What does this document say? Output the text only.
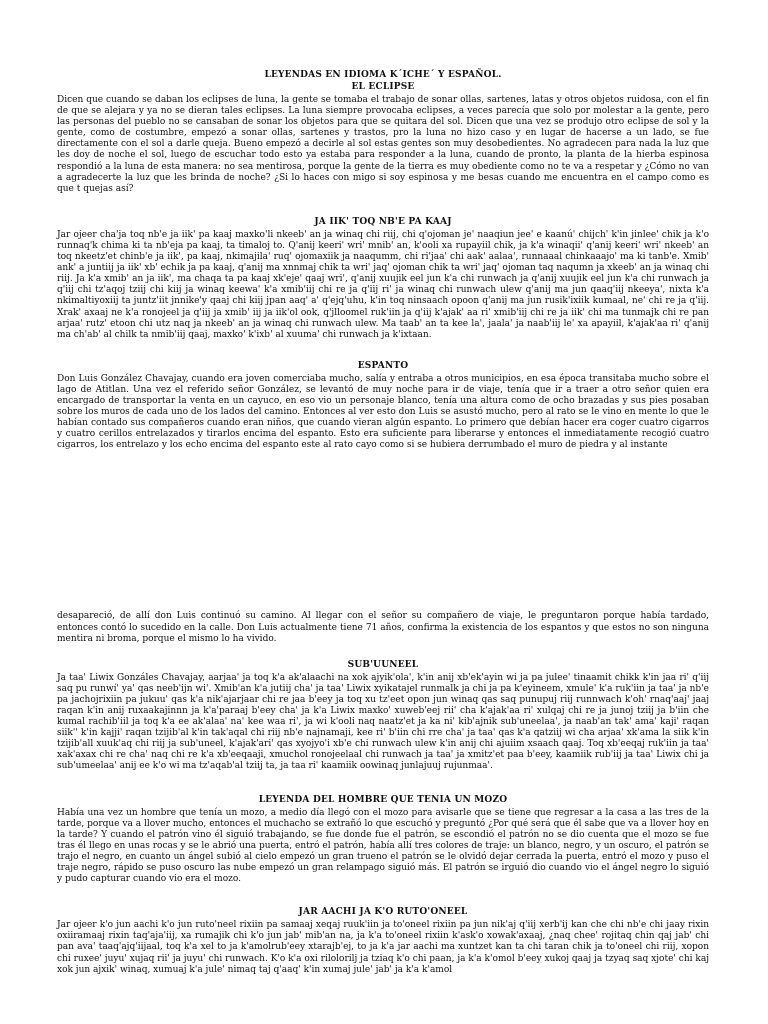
LEYENDAS EN IDIOMA K´ICHE´ Y ESPAÑOL.
EL ECLIPSE

Dicen que cuando se daban los eclipses de luna, la gente se tomaba el trabajo de sonar ollas, sartenes, latas y otros objetos ruidosa, con el fin de que se alejara y ya no se dieran tales eclipses. La luna siempre provocaba eclipses, a veces parecía que solo por molestar a la gente, pero las personas del pueblo no se cansaban de sonar los objetos para que se quitara del sol. Dicen que una vez se produjo otro eclipse de sol y la gente, como de costumbre, empezó a sonar ollas, sartenes y trastos, pro la luna no hizo caso y en lugar de hacerse a un lado, se fue directamente con el sol a darle queja. Bueno empezó a decirle al sol estas gentes son muy desobedientes. No agradecen para nada la luz que les doy de noche el sol, luego de escuchar todo esto ya estaba para responder a la luna, cuando de pronto, la planta de la hierba espinosa respondió a la luna de esta manera: no sea mentirosa, porque la gente de la tierra es muy obediente como no te va a respetar y ¿Cómo no van a agradecerte la luz que les brinda de noche? ¿Si lo haces con migo si soy espinosa y me besas cuando me encuentra en el campo como es que t quejas así?

JA IIK' TOQ NB'E PA KAAJ

Jar ojeer cha'ja toq nb'e ja iik' pa kaaj maxko'li nkeeb' an ja winaq chi riij, chi q'ojoman je' naaqiun jee' e kaanú' chijch' k'in jinlee' chik ja k'o runnaq'k chima ki ta nb'eja pa kaaj, ta timaloj to. Q'anij keeri' wri' mnib' an, k'ooli xa rupayiil chik, ja k'a winaqii' q'anij keeri' wri' nkeeb' an toq nkeetz'et chinb'e ja iik', pa kaaj, nkimajila' ruq' ojomaxiik ja naaqumm, chi ri'jaa' chi aak' aalaa', runnaaal chinkaaajo' ma ki tanb'e. Xmib' ank' a juntiij ja iik' xb' echik ja pa kaaj, q'anij ma xnnmaj chik ta wri' jaq' ojoman chik ta wri' jaq' ojoman taq naqumn ja xkeeb' an ja winaq chi riij. Ja k'a xmib' an ja iik', ma chaqa ta pa kaaj xk'eje' qaaj wri', q'anij xuujik eel jun k'a chi runwach ja q'anij xuujik eel jun k'a chi runwach ja q'iij chi tz'aqoj tziij chi kiij ja winaq keewa' k'a xmib'iij chi re ja q'iij ri' ja winaq chi runwach ulew q'anij ma jun qaaq'iij nkeeya', nixta k'a nkimaltiyoxiij ta juntz'iit jnnike'y qaaj chi kiij jpan aaq' a' q'ejq'uhu, k'in toq ninsaach opoon q'anij ma jun rusik'ixiik kumaal, ne' chi re ja q'iij. Xrak' axaaj ne k'a ronojeel ja q'iij ja xmib' iij ja iik'ol ook, q'jlloomel ruk'iin ja q'iij k'ajak' aa ri' xmib'iij chi re ja iik' chi ma tunmajk chi re pan arjaa' rutz' etoon chi utz naq ja nkeeb' an ja winaq chi runwach ulew. Ma taab' an ta kee la', jaala' ja naab'iij le' xa apayiil, k'ajak'aa ri' q'anij ma ch'ab' al chilk ta nmib'iij qaaj, maxko' k'ixb' al xuuma' chi runwach ja k'ixtaan.

ESPANTO

Don Luis González Chavajay, cuando era joven comerciaba mucho, salía y entraba a otros municipios, en esa época transitaba mucho sobre el lago de Atitlan. Una vez el referido señor González, se levantó de muy noche para ir de viaje, tenía que ir a traer a otro señor quien era encargado de transportar la venta en un cayuco, en eso vio un personaje blanco, tenía una altura como de ocho brazadas y sus pies posaban sobre los muros de cada uno de los lados del camino. Entonces al ver esto don Luis se asustó mucho, pero al rato se le vino en mente lo que le habían contado sus compañeros cuando eran niños, que cuando vieran algún espanto. Lo primero que debían hacer era coger cuatro cigarros y cuatro cerillos entrelazados y tirarlos encima del espanto. Esto era suficiente para liberarse y entonces el inmediatamente recogió cuatro cigarros, los entrelazo y los echo encima del espanto este al rato cayo como si se hubiera derrumbado el muro de piedra y al instante

desapareció, de allí don Luis continuó su camino. Al llegar con el señor su compañero de viaje, le preguntaron porque había tardado, entonces contó lo sucedido en la calle. Don Luis actualmente tiene 71 años, confirma la existencia de los espantos y que estos no son ninguna mentira ni broma, porque el mismo lo ha vivido.

SUB'UUNEEL

Ja taa' Liwix Gonzáles Chavajay, aarjaa' ja toq k'a ak'alaachi na xok ajyik'ola', k'in anij xb'ek'ayin wi ja pa julee' tinaamit chikk k'in jaa ri' q'iij saq pu runwí' ya' qas neeb'ijn wi'. Xmib'an k'a jutiij cha' ja taa' Liwix xyikatajel runmalk ja chi ja pa k'eyineem, xmule' k'a ruk'iin ja taa' ja nb'e pa jachojrixiin pa jukuu' qas k'a nik'ajarjaar chi re jaa b'eey ja toq xu tz'eet opon jun winaq qas saq punupuj riij runnwach k'oh' rnaq'aaj' jaaj raqan k'in anij ruxaakajinnn ja k'a'paraaj b'eey cha' ja k'a Liwix maxko' xuweb'eej rii' cha k'ajak'aa ri' xulqaj chi re ja junoj tziij ja b'iin che kumal rachib'iil ja toq k'a ee ak'alaa' na' kee waa ri', ja wi k'ooli naq naatz'et ja ka ni' kib'ajnik sub'uneelaa', ja naab'an tak' ama' kaji' raqan siik'' k'in kajji' raqan tzijib'al k'in tak'aqal chi riij nb'e najnamaji, kee ri' b'iin chi rre cha' ja taa' qas k'a qatziij wi cha arjaa' xk'ama la siik k'in tzijib'all xuuk'aq chi riij ja sub'uneel, k'ajak'ari' qas xyojyo'i xb'e chi runwach ulew k'in anij chi ajuiim xsaach qaaj. Toq xb'eeqaj ruk'iin ja taa' xak'axax chi re cha' naq chi re k'a xb'eeqaaji, xmuchol ronojeelaal chi runwach ja taa' ja xmitz'et paa b'eey, kaamiik rub'iij ja taa' Liwix chi ja sub'umeelaa' anij ee k'o wi ma tz'aqab'al tziij ta, ja taa ri' kaamiik oowinaq junlajuuj rujunmaa'.

LEYENDA DEL HOMBRE QUE TENIA UN MOZO

Había una vez un hombre que tenía un mozo, a medio día llegó con el mozo para avisarle que se tiene que regresar a la casa a las tres de la tarde, porque va a llover mucho, entonces el muchacho se extrañó lo que escuchó y preguntó ¿Por qué será que él sabe que va a llover hoy en la tarde? Y cuando el patrón vino él siguió trabajando, se fue donde fue el patrón, se escondió el patrón no se dio cuenta que el mozo se fue tras él llego en unas rocas y se le abrió una puerta, entró el patrón, había allí tres colores de traje: un blanco, negro, y un oscuro, el patrón se trajo el negro, en cuanto un ángel subió al cielo empezó un gran trueno el patrón se le olvidó dejar cerrada la puerta, entró el mozo y puso el traje negro, rápido se puso oscuro las nube empezó un gran relampago siguió más. El patrón se irguió dio cuando vio el ángel negro lo siguió y pudo capturar cuando vio era el mozo.

JAR AACHI JA K'O RUTO'ONEEL

Jar ojeer k'o jun aachi k'o jun ruto'neel rixiin pa samaaj xeqaj ruuk'iin ja to'oneel rixiin pa jun nik'aj q'iij xerb'ij kan che chi nb'e chi jaay rixin oxiiramaaj rixin taq'aja'iij, xa rumajik chi k'o jun jab' mib'an na, ja k'a to'oneel rixiin k'ask'o xowak'axaaj, ¿naq chee' rojitaq chin qaj jab' chi pan ava' taaq'ajq'iijaal, toq k'a xel to ja k'amolrub'eey xtarajb'ej, to ja k'a jar aachi ma xuntzet kan ta chi taran chik ja to'oneel chi riij, xopon chi ruxee' juyu' xujaq rii' ja juyu' chi runwach. K'o k'a oxi rilolorilj ja tziaq k'o chi paan, ja k'a k'omol b'eey xukoj qaaj ja tzyaq saq xjote' chi kaj xok jun ajxik' winaq, xumuaj k'a jule' nimaq taj q'aaq' k'in xumaj jule' jab' ja k'a k'amol
